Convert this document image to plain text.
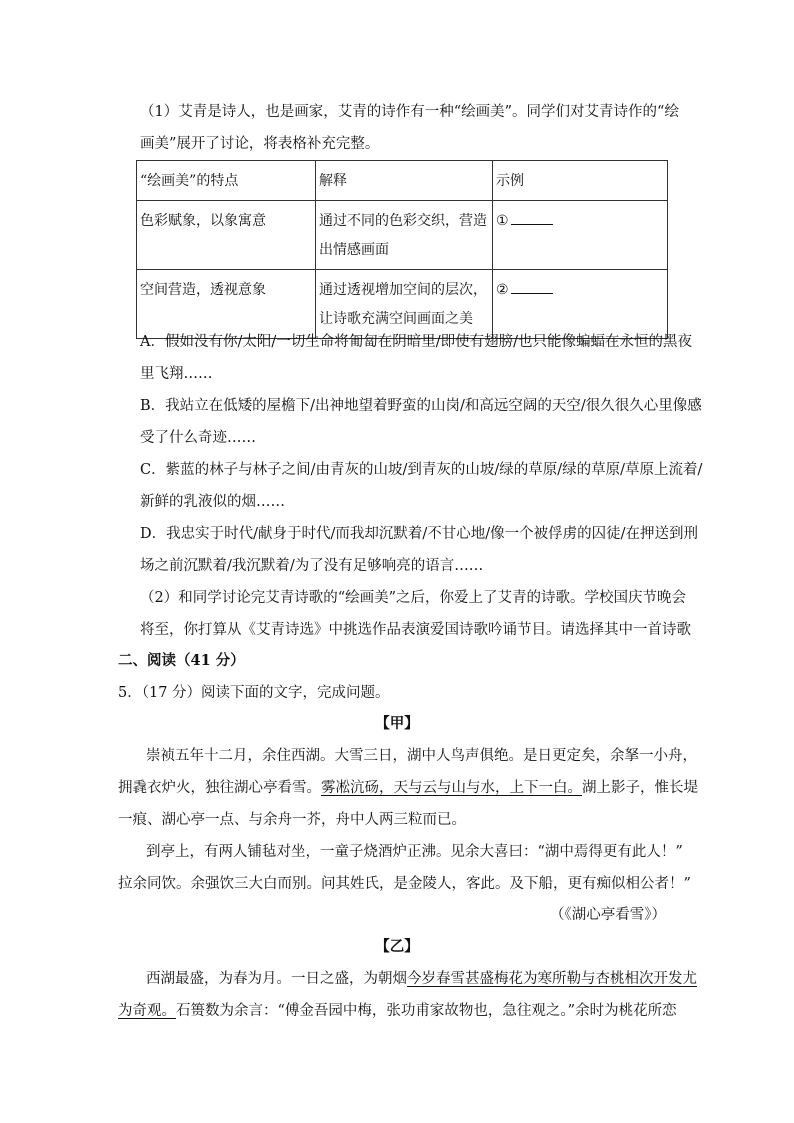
（1）艾青是诗人，也是画家，艾青的诗作有一种“绘画美”。同学们对艾青诗作的“绘
画美”展开了讨论，将表格补充完整。
“绘画美”的特点	解释	示例
色彩赋象，以象寓意	通过不同的色彩交织，营造
出情感画面	①
空间营造，透视意象	通过透视增加空间的层次，
让诗歌充满空间画面之美	②
A．假如没有你/太阳/一切生命将匍匐在阴暗里/即使有翅膀/也只能像蝙蝠在永恒的黑夜
里飞翔……
B．我站立在低矮的屋檐下/出神地望着野蛮的山岗/和高远空阔的天空/很久很久心里像感
受了什么奇迹……
C．紫蓝的林子与林子之间/由青灰的山坡/到青灰的山坡/绿的草原/绿的草原/草原上流着/
新鲜的乳液似的烟……
D．我忠实于时代/献身于时代/而我却沉默着/不甘心地/像一个被俘虏的囚徒/在押送到刑
场之前沉默着/我沉默着/为了没有足够响亮的语言……
（2）和同学讨论完艾青诗歌的“绘画美”之后，你爱上了艾青的诗歌。学校国庆节晚会
将至，你打算从《艾青诗选》中挑选作品表演爱国诗歌吟诵节目。请选择其中一首诗歌
二、阅读（41 分）
5．（17 分）阅读下面的文字，完成问题。
【甲】
崇祯五年十二月，余住西湖。大雪三日，湖中人鸟声俱绝。是日更定矣，余拏一小舟，
拥毳衣炉火，独往湖心亭看雪。雾凇沆砀，天与云与山与水，上下一白。湖上影子，惟长堤
一痕、湖心亭一点、与余舟一芥，舟中人两三粒而已。
到亭上，有两人铺毡对坐，一童子烧酒炉正沸。见余大喜曰：“湖中焉得更有此人！”
拉余同饮。余强饮三大白而别。问其姓氏，是金陵人，客此。及下船，更有痴似相公者！”
（《湖心亭看雪》）
【乙】
西湖最盛，为春为月。一日之盛，为朝烟今岁春雪甚盛梅花为寒所勒与杏桃相次开发尤
为奇观。石篑数为余言：“傅金吾园中梅，张功甫家故物也，急往观之。”余时为桃花所恋
